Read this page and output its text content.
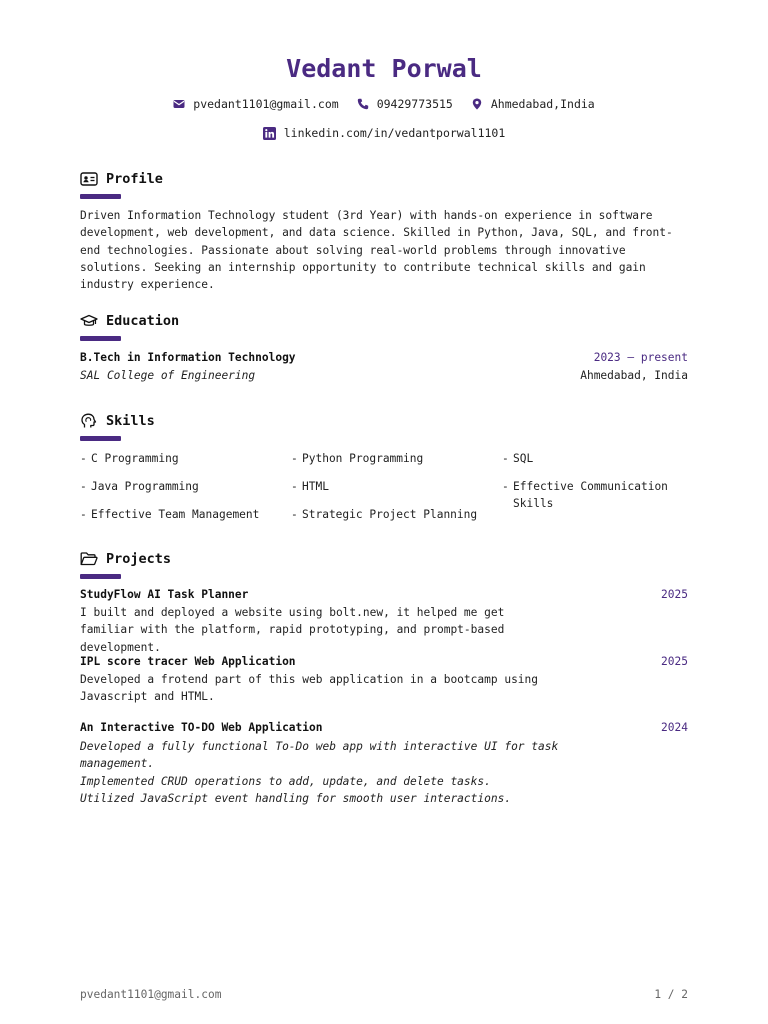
Vedant Porwal
pvedant1101@gmail.com	09429773515	Ahmedabad,India
linkedin.com/in/vedantporwal1101
Profile
Driven Information Technology student (3rd Year) with hands-on experience in software development, web development, and data science. Skilled in Python, Java, SQL, and front-end technologies. Passionate about solving real-world problems through innovative solutions. Seeking an internship opportunity to contribute technical skills and gain industry experience.
Education
B.Tech in Information Technology	2023 – present
SAL College of Engineering	Ahmedabad, India
Skills
- C Programming	- Python Programming	- SQL
- Java Programming	- HTML	- Effective Communication Skills
- Effective Team Management	- Strategic Project Planning
Projects
StudyFlow AI Task Planner	2025
I built and deployed a website using bolt.new, it helped me get familiar with the platform, rapid prototyping, and prompt-based development.
IPL score tracer Web Application	2025
Developed a frotend part of this web application in a bootcamp using Javascript and HTML.
An Interactive TO-DO Web Application	2024
Developed a fully functional To-Do web app with interactive UI for task management.
Implemented CRUD operations to add, update, and delete tasks.
Utilized JavaScript event handling for smooth user interactions.
pvedant1101@gmail.com	1 / 2
